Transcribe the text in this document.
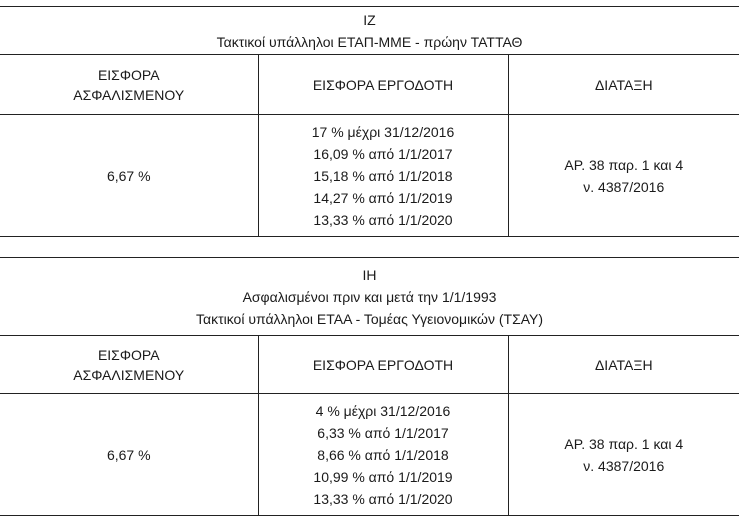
ΙΖ
Τακτικοί υπάλληλοι ΕΤΑΠ-ΜΜΕ - πρώην ΤΑΤΤΑΘ		

ΕΙΣΦΟΡΑ
ΑΣΦΑΛΙΣΜΕΝΟΥ	ΕΙΣΦΟΡΑ ΕΡΓΟΔΟΤΗ	ΔΙΑΤΑΞΗ
6,67 %	17 % μέχρι 31/12/2016
16,09 % από 1/1/2017
15,18 % από 1/1/2018
14,27 % από 1/1/2019
13,33 % από 1/1/2020	ΑΡ. 38 παρ. 1 και 4
ν. 4387/2016
ΙΗ
Ασφαλισμένοι πριν και μετά την 1/1/1993
Τακτικοί υπάλληλοι ΕΤΑΑ - Τομέας Υγειονομικών (ΤΣΑΥ)		

ΕΙΣΦΟΡΑ
ΑΣΦΑΛΙΣΜΕΝΟΥ	ΕΙΣΦΟΡΑ ΕΡΓΟΔΟΤΗ	ΔΙΑΤΑΞΗ
6,67 %	4 % μέχρι 31/12/2016
6,33 % από 1/1/2017
8,66 % από 1/1/2018
10,99 % από 1/1/2019
13,33 % από 1/1/2020	ΑΡ. 38 παρ. 1 και 4
ν. 4387/2016
